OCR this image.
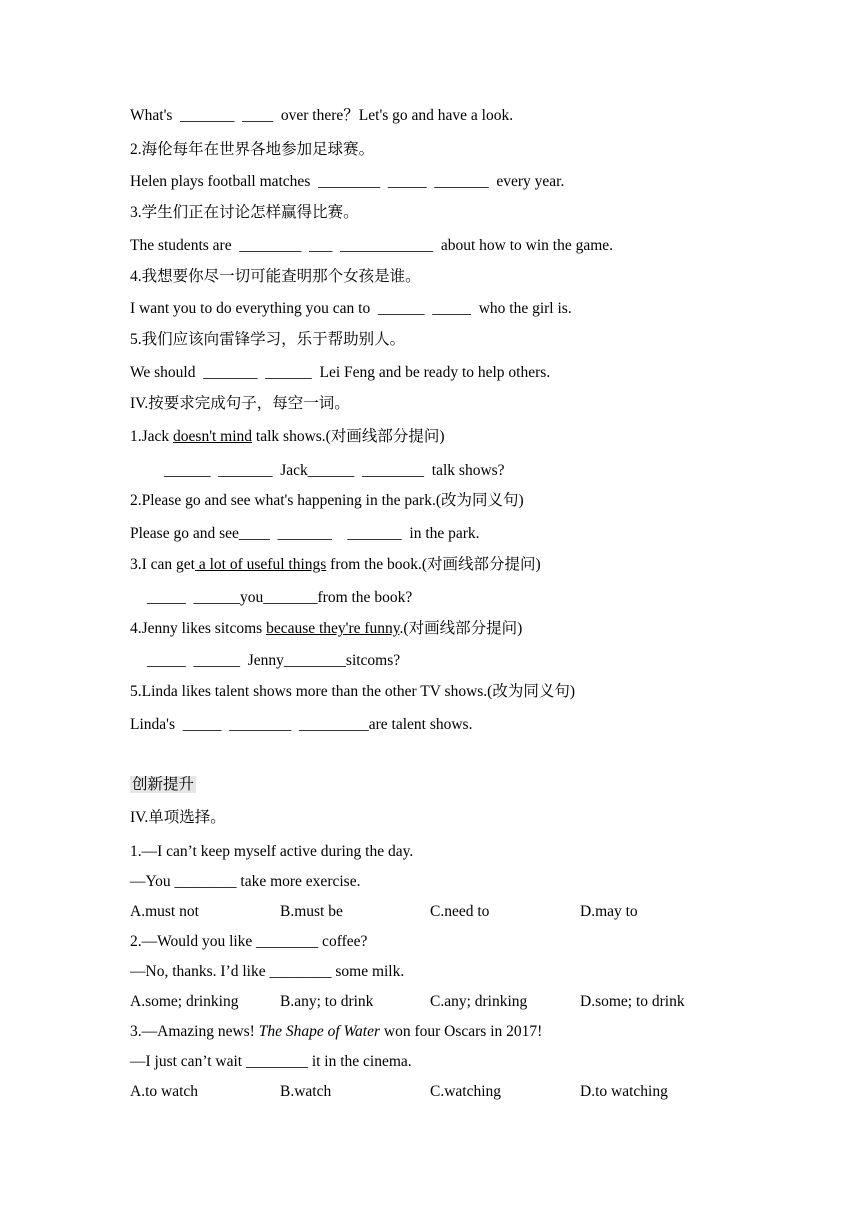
What's  _______  ____  over there？Let's go and have a look.
2.海伦每年在世界各地参加足球赛。
Helen plays football matches  ________  _____  _______  every year.
3.学生们正在讨论怎样赢得比赛。
The students are  ________  ___  ____________  about how to win the game.
4.我想要你尽一切可能查明那个女孩是谁。
I want you to do everything you can to  ______  _____  who the girl is.
5.我们应该向雷锋学习，乐于帮助别人。
We should  _______  ______  Lei Feng and be ready to help others.
IV.按要求完成句子，每空一词。
1.Jack doesn't mind talk shows.(对画线部分提问)
______  _______  Jack______  ________  talk shows?
2.Please go and see what's happening in the park.(改为同义句)
Please go and see____  _______    _______  in the park.
3.I can get a lot of useful things from the book.(对画线部分提问)
_____  ______you_______from the book?
4.Jenny likes sitcoms because they're funny.(对画线部分提问)
_____  ______  Jenny________sitcoms?
5.Linda likes talent shows more than the other TV shows.(改为同义句)
Linda's  _____  ________  _________are talent shows.
创新提升
IV.单项选择。
1.—I can’t keep myself active during the day.
—You ________ take more exercise.
A.must not	B.must be	C.need to	D.may to
2.—Would you like ________ coffee?
—No, thanks. I’d like ________ some milk.
A.some; drinking	B.any; to drink	C.any; drinking	D.some; to drink
3.—Amazing news! The Shape of Water won four Oscars in 2017!
—I just can’t wait ________ it in the cinema.
A.to watch	B.watch	C.watching	D.to watching
